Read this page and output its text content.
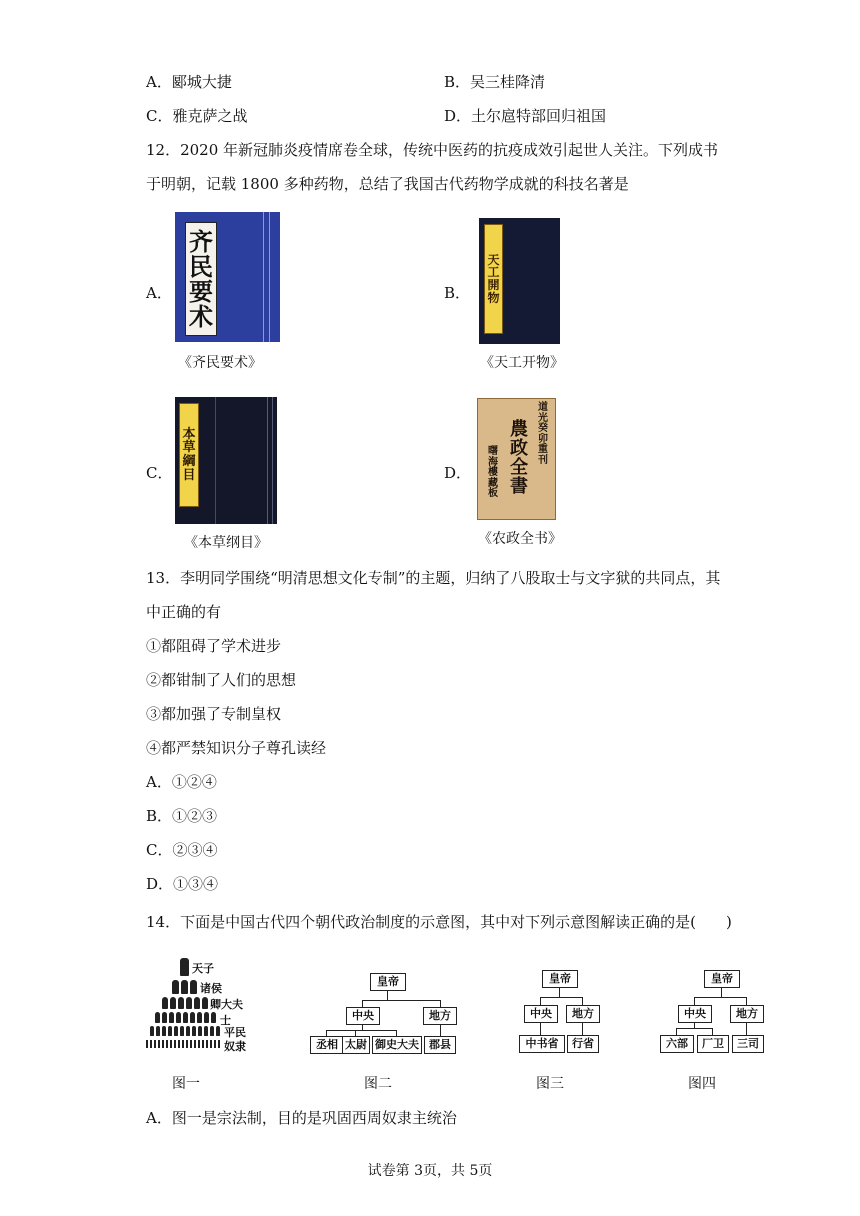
A．郾城大捷	B．吴三桂降清
C．雅克萨之战	D．土尔扈特部回归祖国
12．2020 年新冠肺炎疫情席卷全球，传统中医药的抗疫成效引起世人关注。下列成书
于明朝，记载 1800 多种药物，总结了我国古代药物学成就的科技名著是
A．
齐
民
要
术
《齐民要术》
B．
天
工
開
物
《天工开物》
C．
本
草
綱
目
《本草纲目》
D．
農
政
全
書
道
光
癸
卯
重
刊
曙
海
樓
藏
板
《农政全书》
13．李明同学围绕“明清思想文化专制”的主题，归纳了八股取士与文字狱的共同点，其
中正确的有
①都阻碍了学术进步
②都钳制了人们的思想
③都加强了专制皇权
④都严禁知识分子尊孔读经
A．①②④
B．①②③
C．②③④
D．①③④
14．下面是中国古代四个朝代政治制度的示意图，其中对下列示意图解读正确的是(　　)
天子
诸侯
卿大夫
士
平民
奴隶
图一
皇帝
中央	地方
丞相 太尉 御史大夫 郡县
图二
皇帝
中央	地方
中书省	行省
图三
皇帝
中央	地方
六部	厂卫	三司
图四
A．图一是宗法制，目的是巩固西周奴隶主统治
试卷第 3页，共 5页
